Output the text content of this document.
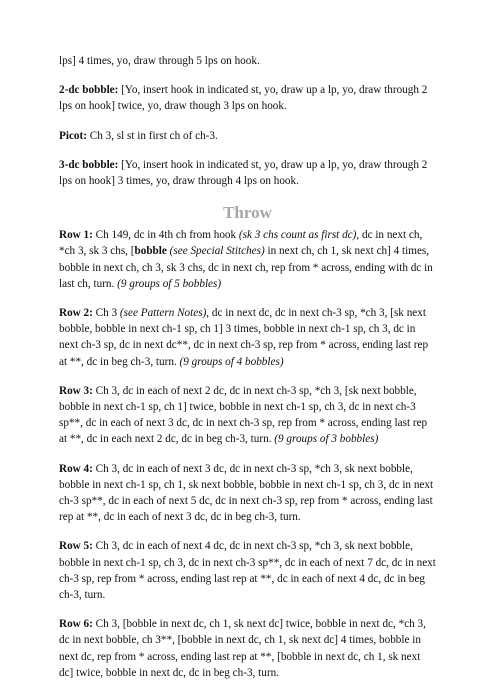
lps] 4 times, yo, draw through 5 lps on hook.

2-dc bobble: [Yo, insert hook in indicated st, yo, draw up a lp, yo, draw through 2 lps on hook] twice, yo, draw though 3 lps on hook.

Picot: Ch 3, sl st in first ch of ch-3.

3-dc bobble: [Yo, insert hook in indicated st, yo, draw up a lp, yo, draw through 2 lps on hook] 3 times, yo, draw through 4 lps on hook.

Throw

Row 1: Ch 149, dc in 4th ch from hook (sk 3 chs count as first dc), dc in next ch, *ch 3, sk 3 chs, [bobble (see Special Stitches) in next ch, ch 1, sk next ch] 4 times, bobble in next ch, ch 3, sk 3 chs, dc in next ch, rep from * across, ending with dc in last ch, turn. (9 groups of 5 bobbles)

Row 2: Ch 3 (see Pattern Notes), dc in next dc, dc in next ch-3 sp, *ch 3, [sk next bobble, bobble in next ch-1 sp, ch 1] 3 times, bobble in next ch-1 sp, ch 3, dc in next ch-3 sp, dc in next dc**, dc in next ch-3 sp, rep from * across, ending last rep at **, dc in beg ch-3, turn. (9 groups of 4 bobbles)

Row 3: Ch 3, dc in each of next 2 dc, dc in next ch-3 sp, *ch 3, [sk next bobble, bobble in next ch-1 sp, ch 1] twice, bobble in next ch-1 sp, ch 3, dc in next ch-3 sp**, dc in each of next 3 dc, dc in next ch-3 sp, rep from * across, ending last rep at **, dc in each next 2 dc, dc in beg ch-3, turn. (9 groups of 3 bobbles)

Row 4: Ch 3, dc in each of next 3 dc, dc in next ch-3 sp, *ch 3, sk next bobble, bobble in next ch-1 sp, ch 1, sk next bobble, bobble in next ch-1 sp, ch 3, dc in next ch-3 sp**, dc in each of next 5 dc, dc in next ch-3 sp, rep from * across, ending last rep at **, dc in each of next 3 dc, dc in beg ch-3, turn.

Row 5: Ch 3, dc in each of next 4 dc, dc in next ch-3 sp, *ch 3, sk next bobble, bobble in next ch-1 sp, ch 3, dc in next ch-3 sp**, dc in each of next 7 dc, dc in next ch-3 sp, rep from * across, ending last rep at **, dc in each of next 4 dc, dc in beg ch-3, turn.

Row 6: Ch 3, [bobble in next dc, ch 1, sk next dc] twice, bobble in next dc, *ch 3, dc in next bobble, ch 3**, [bobble in next dc, ch 1, sk next dc] 4 times, bobble in next dc, rep from * across, ending last rep at **, [bobble in next dc, ch 1, sk next dc] twice, bobble in next dc, dc in beg ch-3, turn.
